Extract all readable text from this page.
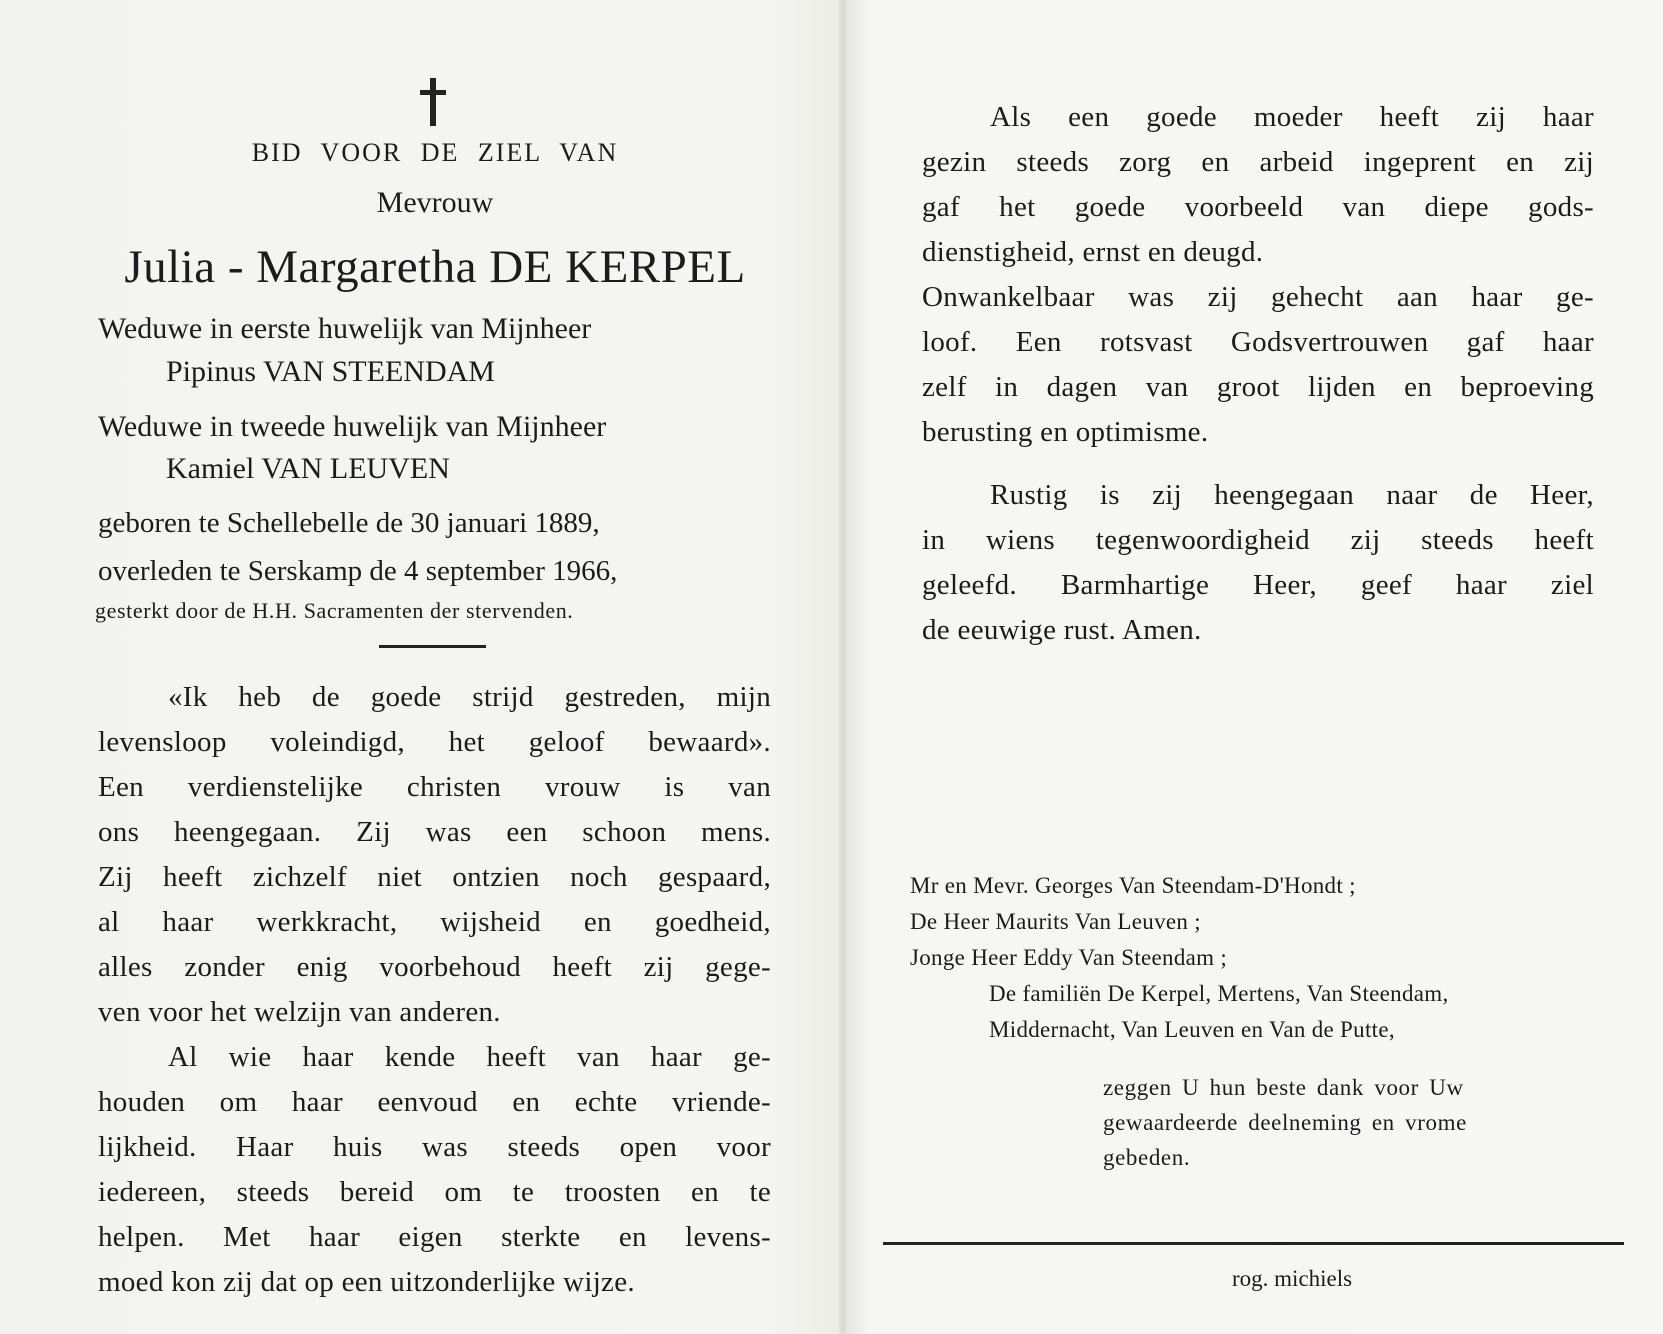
BID VOOR DE ZIEL VAN
Mevrouw
Julia - Margaretha DE KERPEL
Weduwe in eerste huwelijk van Mijnheer
Pipinus VAN STEENDAM
Weduwe in tweede huwelijk van Mijnheer
Kamiel VAN LEUVEN
geboren te Schellebelle de 30 januari 1889,
overleden te Serskamp de 4 september 1966,
gesterkt door de H.H. Sacramenten der stervenden.
«Ik heb de goede strijd gestreden, mijn
levensloop voleindigd, het geloof bewaard».
Een verdienstelijke christen vrouw is van
ons heengegaan. Zij was een schoon mens.
Zij heeft zichzelf niet ontzien noch gespaard,
al haar werkkracht, wijsheid en goedheid,
alles zonder enig voorbehoud heeft zij gege-
ven voor het welzijn van anderen.
Al wie haar kende heeft van haar ge-
houden om haar eenvoud en echte vriende-
lijkheid. Haar huis was steeds open voor
iedereen, steeds bereid om te troosten en te
helpen. Met haar eigen sterkte en levens-
moed kon zij dat op een uitzonderlijke wijze.
Als een goede moeder heeft zij haar
gezin steeds zorg en arbeid ingeprent en zij
gaf het goede voorbeeld van diepe gods-
dienstigheid, ernst en deugd.
Onwankelbaar was zij gehecht aan haar ge-
loof. Een rotsvast Godsvertrouwen gaf haar
zelf in dagen van groot lijden en beproeving
berusting en optimisme.
Rustig is zij heengegaan naar de Heer,
in wiens tegenwoordigheid zij steeds heeft
geleefd. Barmhartige Heer, geef haar ziel
de eeuwige rust. Amen.
Mr en Mevr. Georges Van Steendam-D'Hondt ;
De Heer Maurits Van Leuven ;
Jonge Heer Eddy Van Steendam ;
De familiën De Kerpel, Mertens, Van Steendam,
Middernacht, Van Leuven en Van de Putte,
zeggen U hun beste dank voor Uw
gewaardeerde deelneming en vrome
gebeden.
rog. michiels
